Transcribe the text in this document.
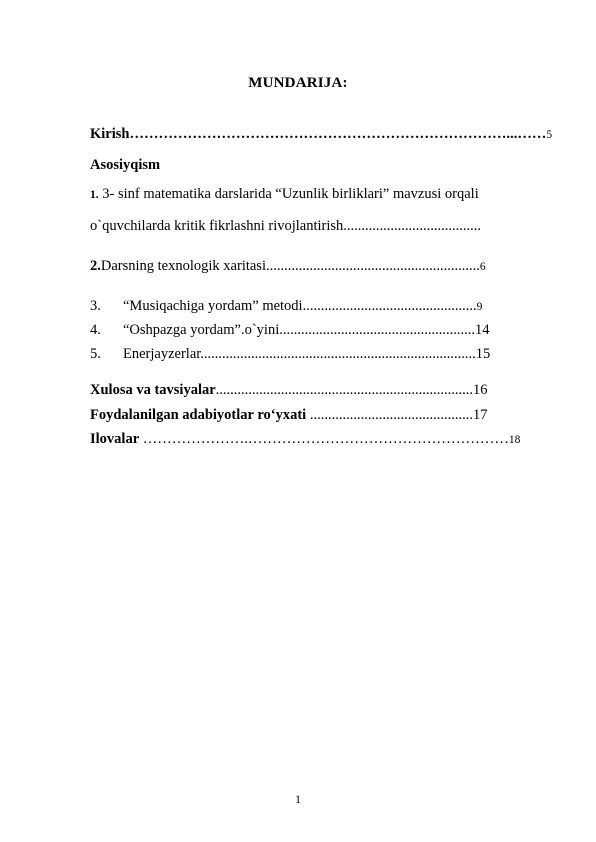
MUNDARIJA:
Kirish……………………………………………………………………...……5
Asosiyqism
1. 3- sinf matematika darslarida “Uzunlik birliklari” mavzusi orqali
o`quvchilarda kritik fikrlashni rivojlantirish......................................
2.Darsning texnologik xaritasi...........................................................6
3. “Musiqachiga yordam” metodi................................................9
4. “Oshpazga yordam”.o`yini......................................................14
5. Enerjayzerlar............................................................................15
Xulosa va tavsiyalar.......................................................................16
Foydalanilgan adabiyotlar ro‘yxati .............................................17
Ilovalar ………………….………………………………………………18
1
